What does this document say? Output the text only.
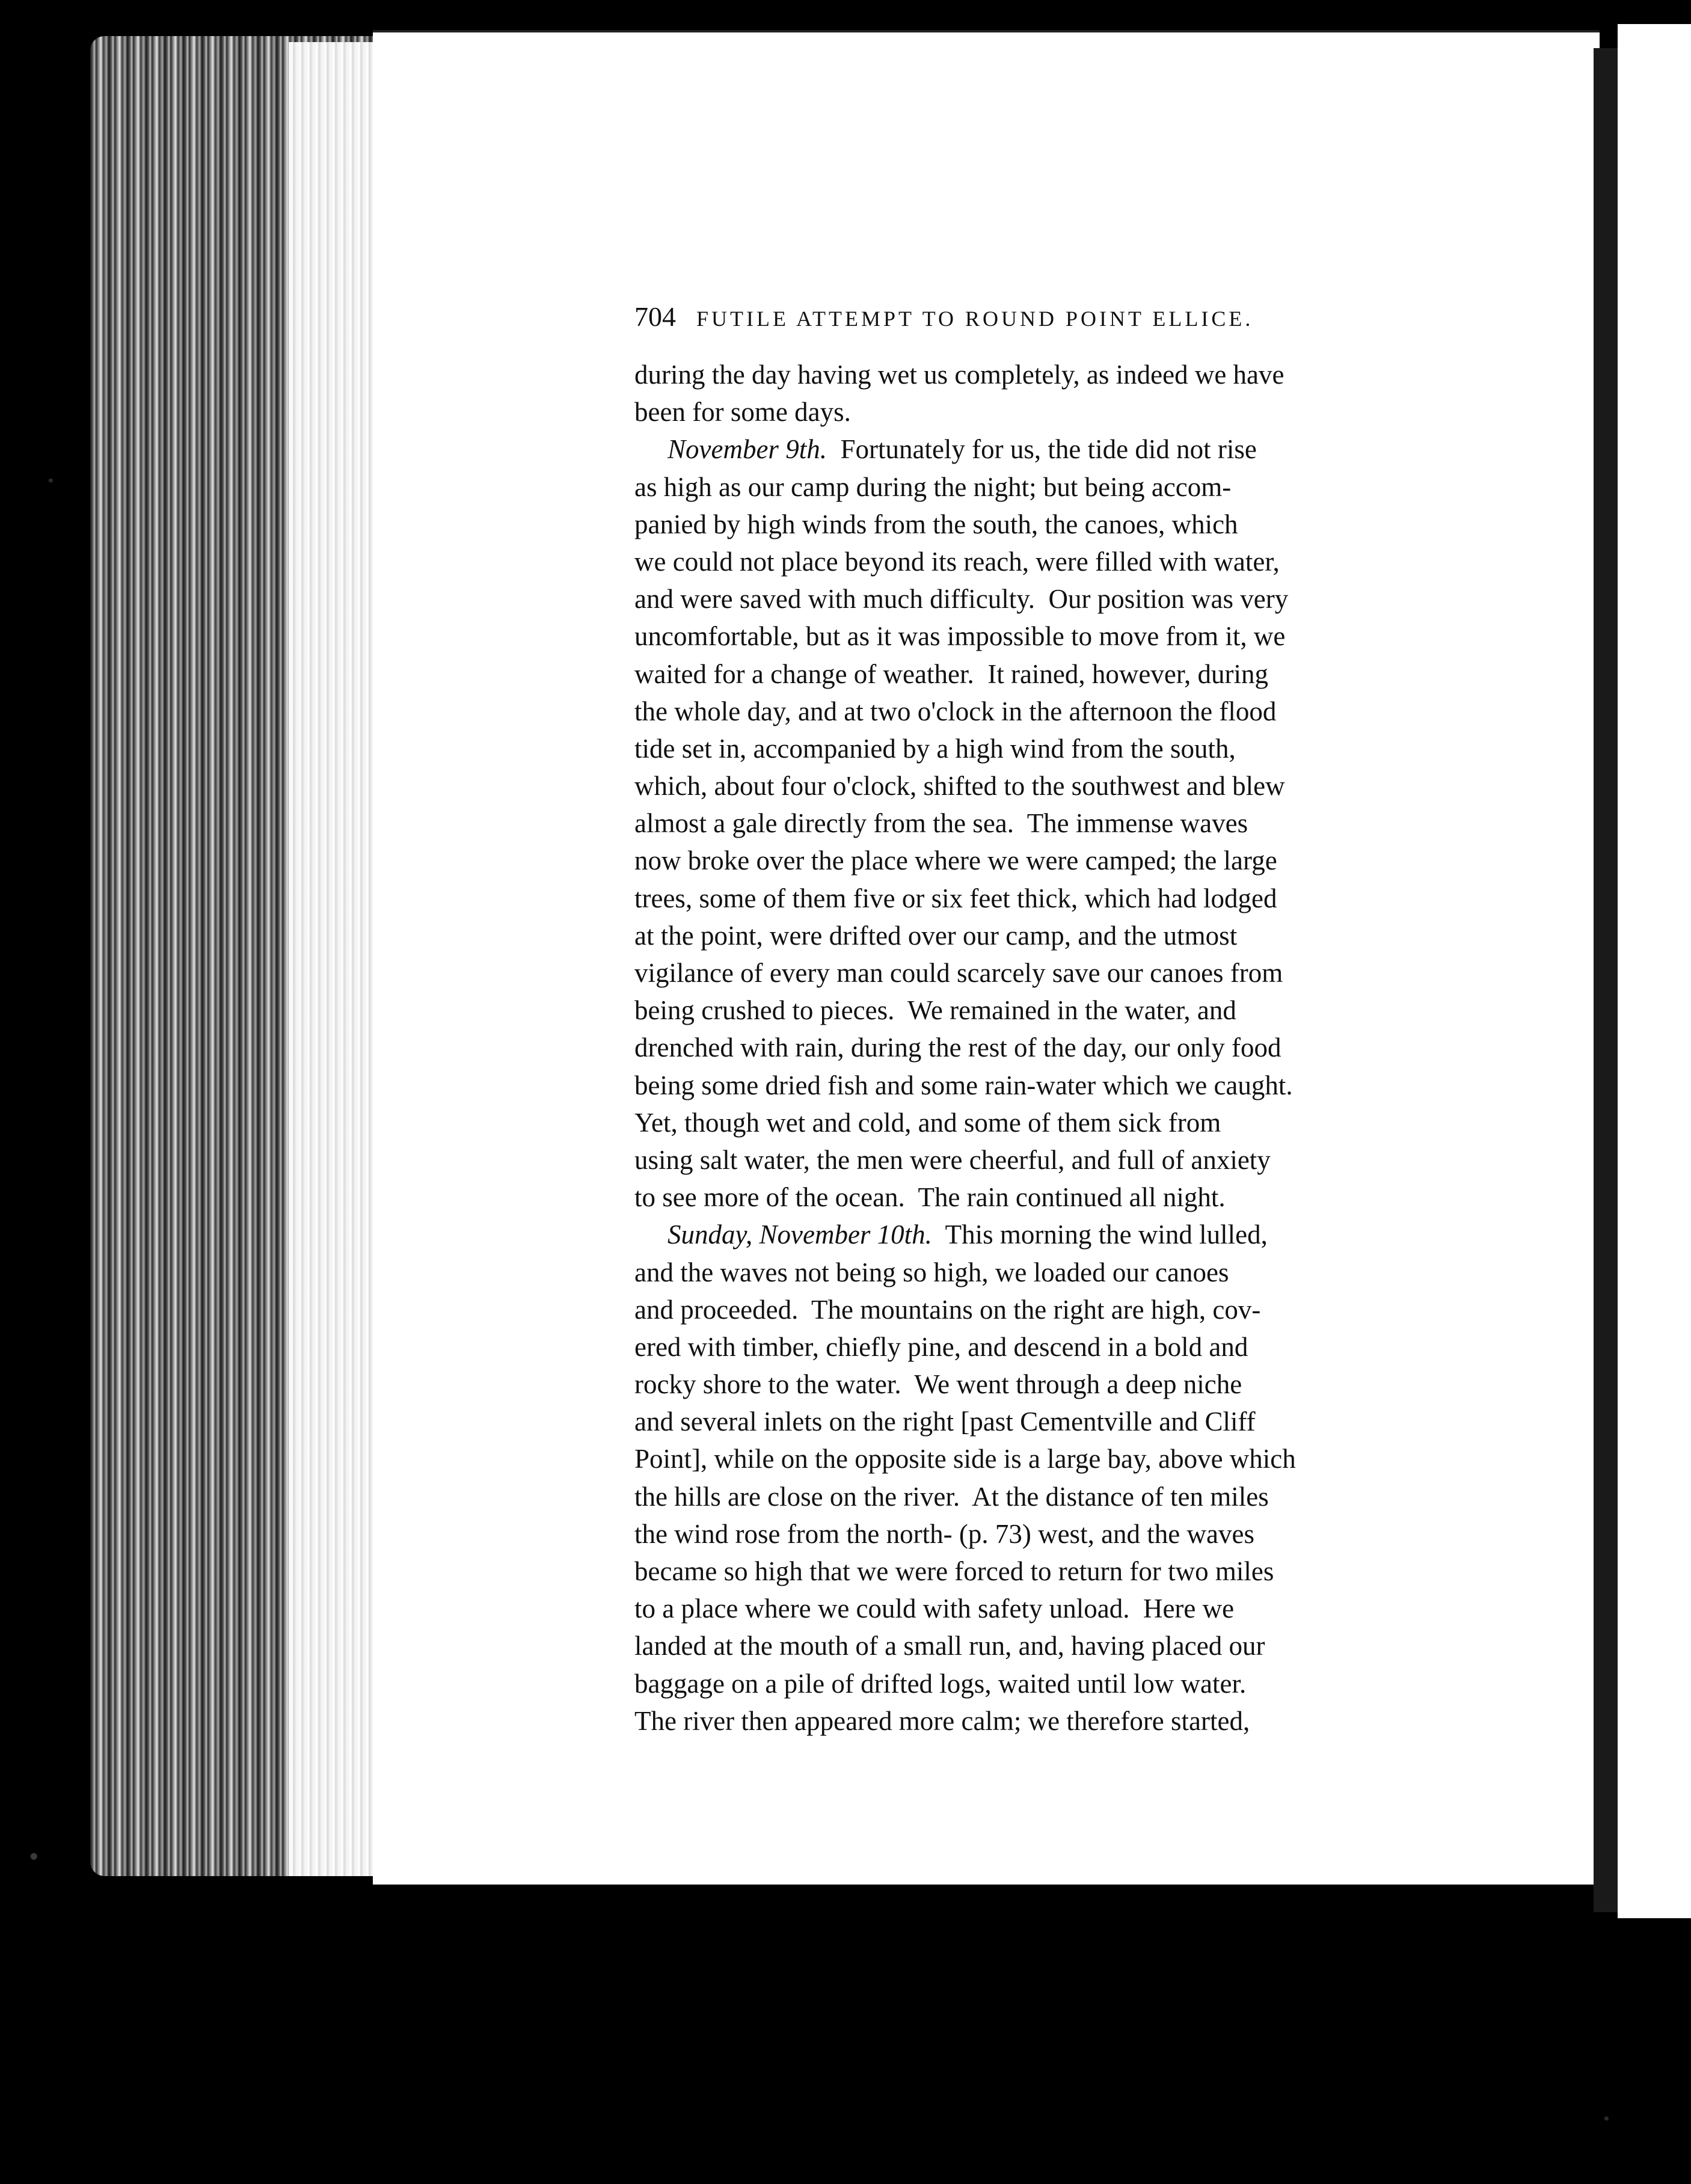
704 FUTILE ATTEMPT TO ROUND POINT ELLICE.
during the day having wet us completely, as indeed we have
been for some days.
November 9th.  Fortunately for us, the tide did not rise
as high as our camp during the night; but being accom-
panied by high winds from the south, the canoes, which
we could not place beyond its reach, were filled with water,
and were saved with much difficulty.  Our position was very
uncomfortable, but as it was impossible to move from it, we
waited for a change of weather.  It rained, however, during
the whole day, and at two o'clock in the afternoon the flood
tide set in, accompanied by a high wind from the south,
which, about four o'clock, shifted to the southwest and blew
almost a gale directly from the sea.  The immense waves
now broke over the place where we were camped; the large
trees, some of them five or six feet thick, which had lodged
at the point, were drifted over our camp, and the utmost
vigilance of every man could scarcely save our canoes from
being crushed to pieces.  We remained in the water, and
drenched with rain, during the rest of the day, our only food
being some dried fish and some rain-water which we caught.
Yet, though wet and cold, and some of them sick from
using salt water, the men were cheerful, and full of anxiety
to see more of the ocean.  The rain continued all night.
Sunday, November 10th.  This morning the wind lulled,
and the waves not being so high, we loaded our canoes
and proceeded.  The mountains on the right are high, cov-
ered with timber, chiefly pine, and descend in a bold and
rocky shore to the water.  We went through a deep niche
and several inlets on the right [past Cementville and Cliff
Point], while on the opposite side is a large bay, above which
the hills are close on the river.  At the distance of ten miles
the wind rose from the north- (p. 73) west, and the waves
became so high that we were forced to return for two miles
to a place where we could with safety unload.  Here we
landed at the mouth of a small run, and, having placed our
baggage on a pile of drifted logs, waited until low water.
The river then appeared more calm; we therefore started,
